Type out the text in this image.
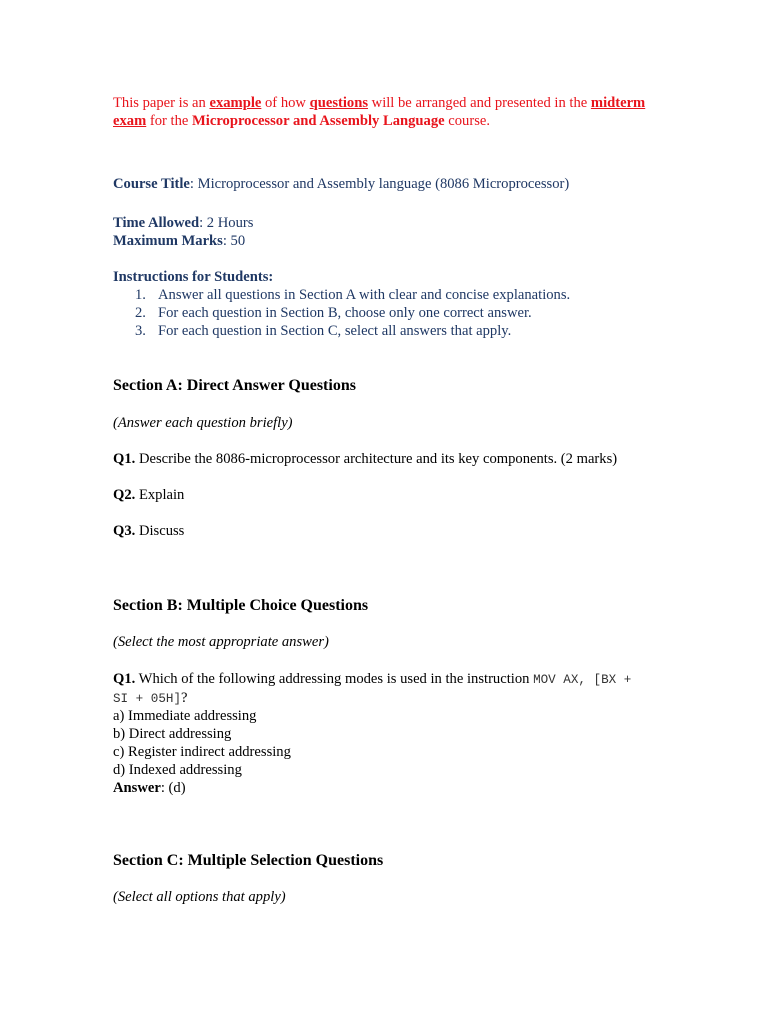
This paper is an example of how questions will be arranged and presented in the midterm
exam for the Microprocessor and Assembly Language course.
Course Title: Microprocessor and Assembly language (8086 Microprocessor)
Time Allowed: 2 Hours
Maximum Marks: 50
Instructions for Students:
1. Answer all questions in Section A with clear and concise explanations.
2. For each question in Section B, choose only one correct answer.
3. For each question in Section C, select all answers that apply.
Section A: Direct Answer Questions
(Answer each question briefly)
Q1. Describe the 8086-microprocessor architecture and its key components. (2 marks)
Q2. Explain
Q3. Discuss
Section B: Multiple Choice Questions
(Select the most appropriate answer)
Q1. Which of the following addressing modes is used in the instruction MOV AX, [BX +
SI + 05H]?
a) Immediate addressing
b) Direct addressing
c) Register indirect addressing
d) Indexed addressing
Answer: (d)
Section C: Multiple Selection Questions
(Select all options that apply)
